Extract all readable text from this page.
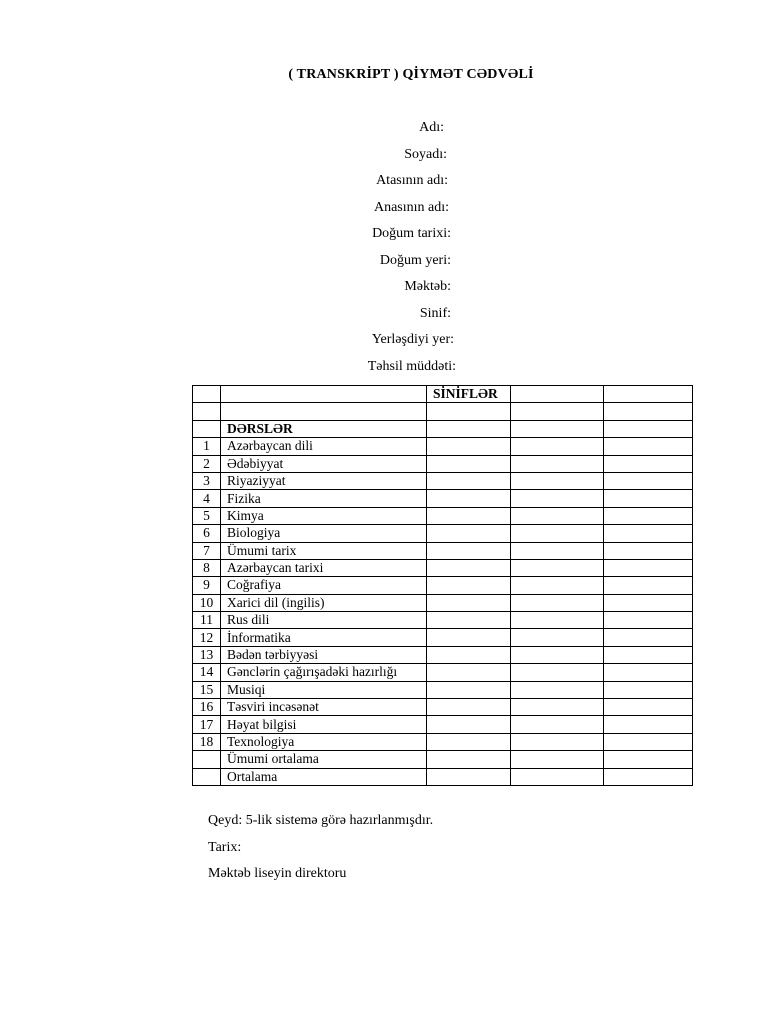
( TRANSKRİPT ) QİYMƏT CƏDVƏLİ
Adı:
Soyadı:
Atasının adı:
Anasının adı:
Doğum tarixi:
Doğum yeri:
Məktəb:
Sinif:
Yerləşdiyi yer:
Təhsil müddəti:
		SİNİFLƏR		

	DƏRSLƏR			
1	Azərbaycan dili			
2	Ədəbiyyat			
3	Riyaziyyat			
4	Fizika			
5	Kimya			
6	Biologiya			
7	Ümumi tarix			
8	Azərbaycan tarixi			
9	Coğrafiya			
10	Xarici dil (ingilis)			
11	Rus dili			
12	İnformatika			
13	Bədən tərbiyyəsi			
14	Gənclərin çağırışadəki hazırlığı			
15	Musiqi			
16	Təsviri incəsənət			
17	Həyat bilgisi			
18	Texnologiya			
	Ümumi ortalama			
	Ortalama			
Qeyd: 5-lik sistemə görə hazırlanmışdır.
Tarix:
Məktəb liseyin direktoru
